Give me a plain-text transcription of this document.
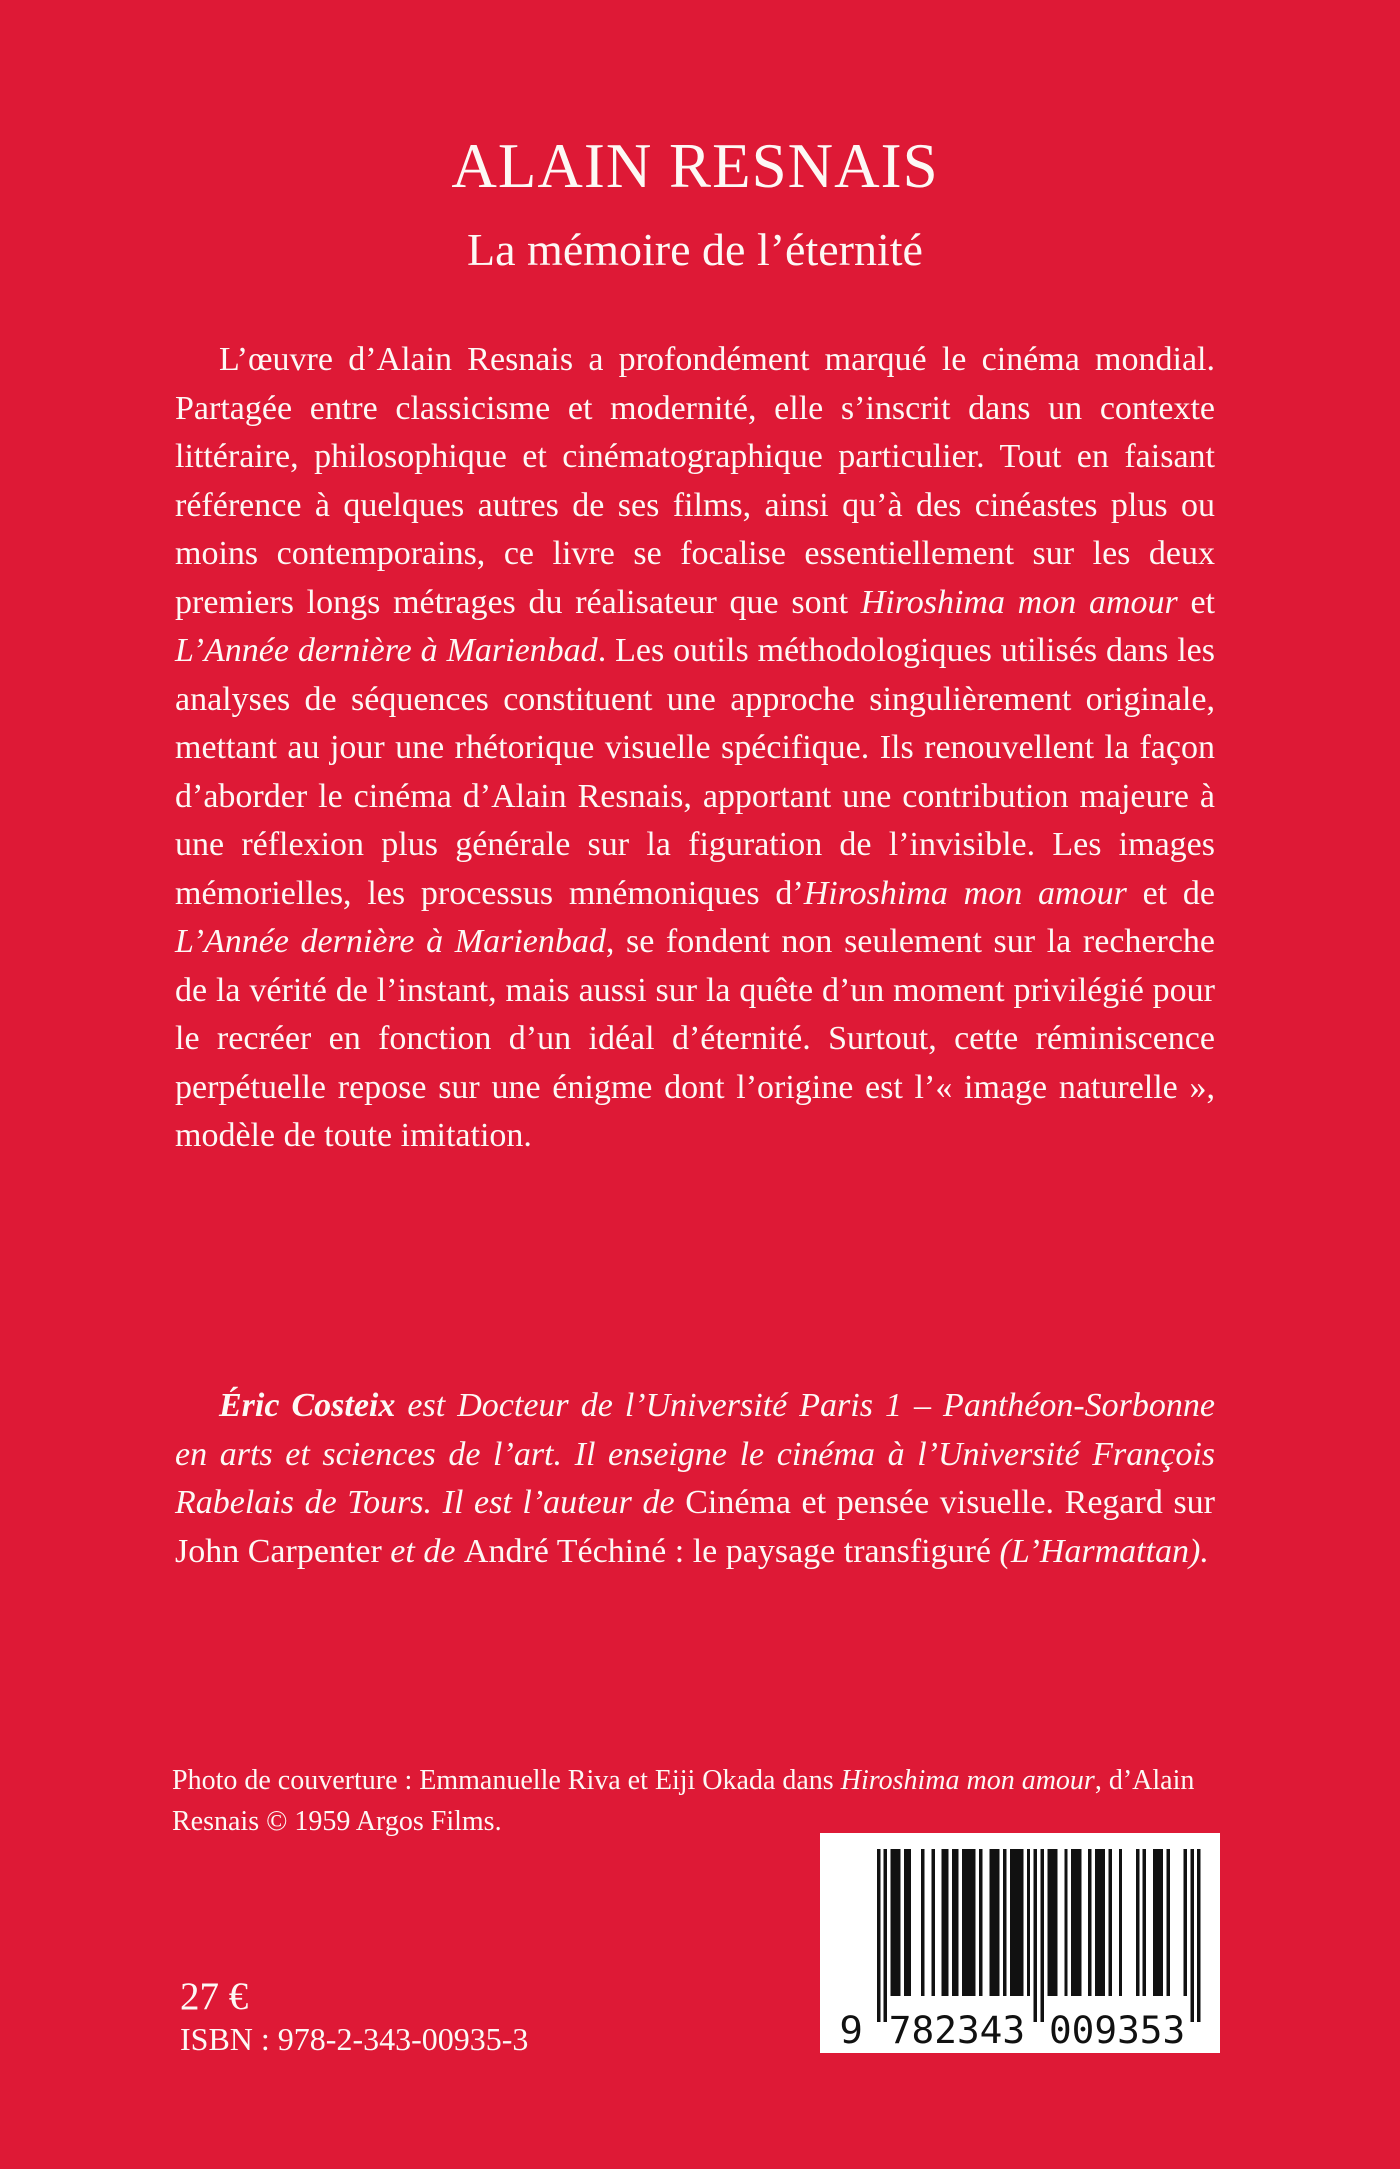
ALAIN RESNAIS
La mémoire de l’éternité

L’œuvre d’Alain Resnais a profondément marqué le cinéma mondial. Partagée entre classicisme et modernité, elle s’inscrit dans un contexte littéraire, philosophique et cinématographique particulier. Tout en faisant référence à quelques autres de ses films, ainsi qu’à des cinéastes plus ou moins contemporains, ce livre se focalise essentiellement sur les deux premiers longs métrages du réalisateur que sont Hiroshima mon amour et L’Année dernière à Marienbad. Les outils méthodologiques utilisés dans les analyses de séquences constituent une approche singulièrement originale, mettant au jour une rhétorique visuelle spécifique. Ils renouvellent la façon d’aborder le cinéma d’Alain Resnais, apportant une contribution majeure à une réflexion plus générale sur la figuration de l’invisible. Les images mémorielles, les processus mnémoniques d’Hiroshima mon amour et de L’Année dernière à Marienbad, se fondent non seulement sur la recherche de la vérité de l’instant, mais aussi sur la quête d’un moment privilégié pour le recréer en fonction d’un idéal d’éternité. Surtout, cette réminiscence perpétuelle repose sur une énigme dont l’origine est l’« image naturelle », modèle de toute imitation.

Éric Costeix est Docteur de l’Université Paris 1 – Panthéon-Sorbonne en arts et sciences de l’art. Il enseigne le cinéma à l’Université François Rabelais de Tours. Il est l’auteur de Cinéma et pensée visuelle. Regard sur John Carpenter et de André Téchiné : le paysage transfiguré (L’Harmattan).

Photo de couverture : Emmanuelle Riva et Eiji Okada dans Hiroshima mon amour, d’Alain Resnais © 1959 Argos Films.

27 €
ISBN : 978-2-343-00935-3	9 782343 009353
